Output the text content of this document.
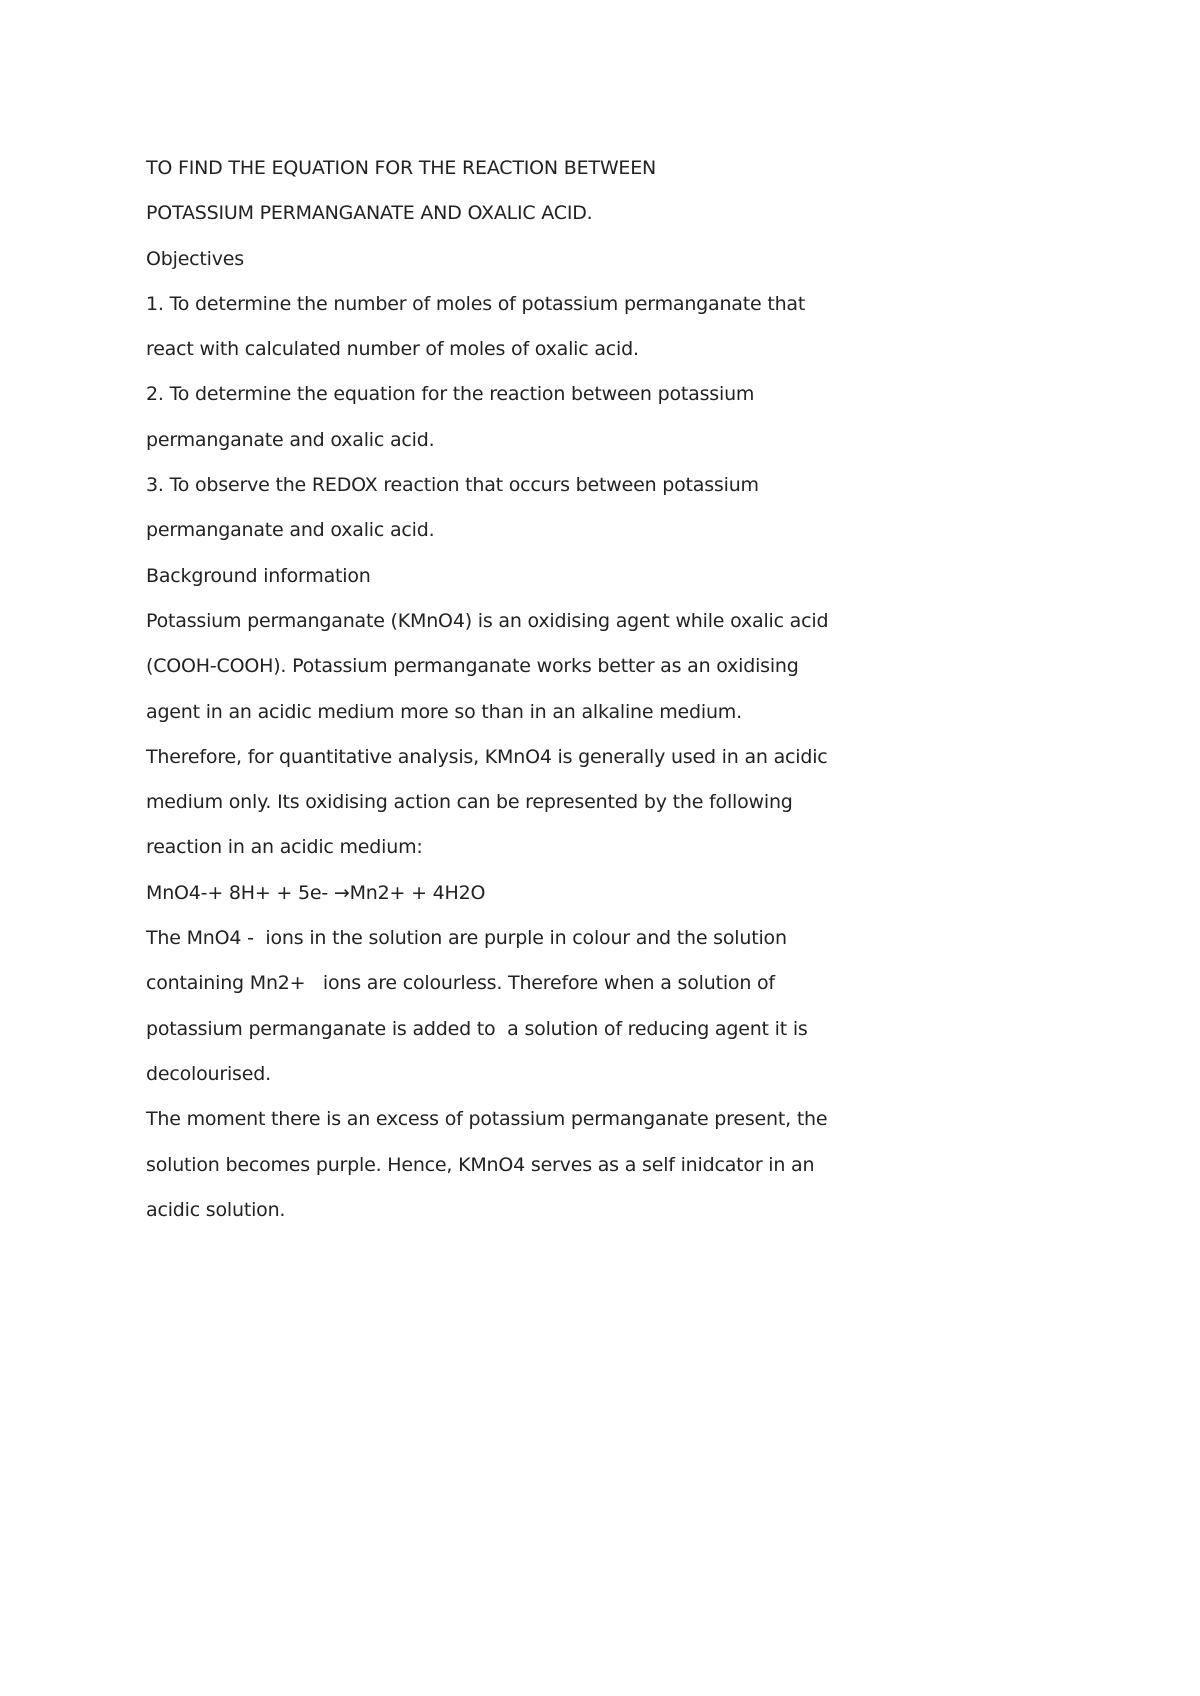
TO FIND THE EQUATION FOR THE REACTION BETWEEN
POTASSIUM PERMANGANATE AND OXALIC ACID.
Objectives
1. To determine the number of moles of potassium permanganate that
react with calculated number of moles of oxalic acid.
2. To determine the equation for the reaction between potassium
permanganate and oxalic acid.
3. To observe the REDOX reaction that occurs between potassium
permanganate and oxalic acid.
Background information
Potassium permanganate (KMnO4) is an oxidising agent while oxalic acid
(COOH-COOH). Potassium permanganate works better as an oxidising
agent in an acidic medium more so than in an alkaline medium.
Therefore, for quantitative analysis, KMnO4 is generally used in an acidic
medium only. Its oxidising action can be represented by the following
reaction in an acidic medium:
MnO4-+ 8H+ + 5e- →Mn2+ + 4H2O
The MnO4 -  ions in the solution are purple in colour and the solution
containing Mn2+   ions are colourless. Therefore when a solution of
potassium permanganate is added to  a solution of reducing agent it is
decolourised.
The moment there is an excess of potassium permanganate present, the
solution becomes purple. Hence, KMnO4 serves as a self inidcator in an
acidic solution.
